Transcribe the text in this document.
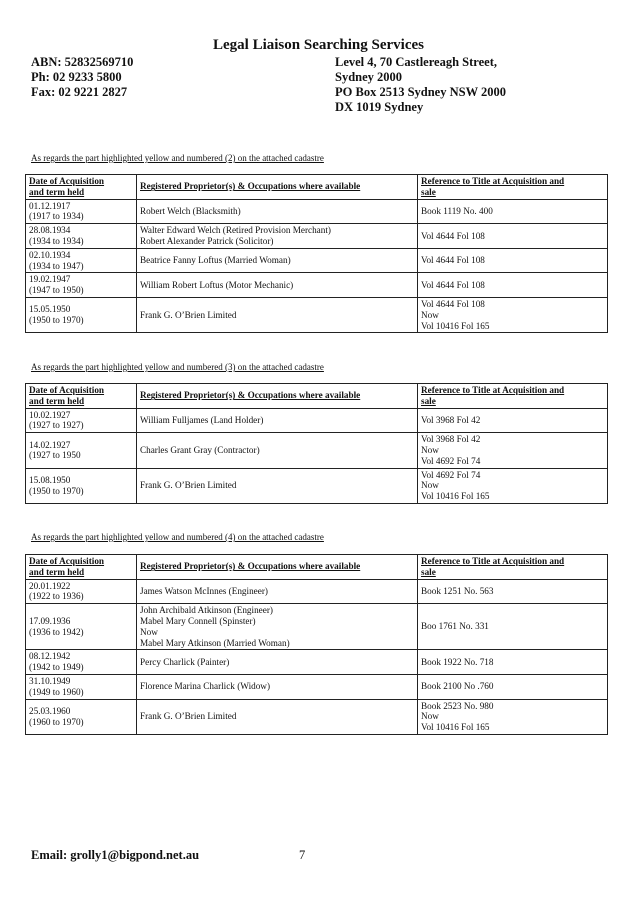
Legal Liaison Searching Services
ABN: 52832569710
Ph: 02 9233 5800
Fax: 02 9221 2827
Level 4, 70 Castlereagh Street,
Sydney 2000
PO Box 2513 Sydney NSW 2000
DX 1019 Sydney
As regards the part highlighted yellow and numbered (2) on the attached cadastre
Date of Acquisition
and term held	Registered Proprietor(s) & Occupations where available	Reference to Title at Acquisition and
sale

01.12.1917
(1917 to 1934)	Robert Welch (Blacksmith)	Book 1119 No. 400

28.08.1934
(1934 to 1934)	Walter Edward Welch (Retired Provision Merchant)
Robert Alexander Patrick (Solicitor)	Vol 4644 Fol 108

02.10.1934
(1934 to 1947)	Beatrice Fanny Loftus (Married Woman)	Vol 4644 Fol 108

19.02.1947
(1947 to 1950)	William Robert Loftus (Motor Mechanic)	Vol 4644 Fol 108

15.05.1950
(1950 to 1970)	Frank G. O’Brien Limited	Vol 4644 Fol 108
Now
Vol 10416 Fol 165
As regards the part highlighted yellow and numbered (3) on the attached cadastre
Date of Acquisition
and term held	Registered Proprietor(s) & Occupations where available	Reference to Title at Acquisition and
sale

10.02.1927
(1927 to 1927)	William Fulljames (Land Holder)	Vol 3968 Fol 42

14.02.1927
(1927 to 1950	Charles Grant Gray (Contractor)	Vol 3968 Fol 42
Now
Vol 4692 Fol 74

15.08.1950
(1950 to 1970)	Frank G. O’Brien Limited	Vol 4692 Fol 74
Now
Vol 10416 Fol 165
As regards the part highlighted yellow and numbered (4) on the attached cadastre
Date of Acquisition
and term held	Registered Proprietor(s) & Occupations where available	Reference to Title at Acquisition and
sale

20.01.1922
(1922 to 1936)	James Watson McInnes (Engineer)	Book 1251 No. 563

17.09.1936
(1936 to 1942)	John Archibald Atkinson (Engineer)
Mabel Mary Connell (Spinster)
Now
Mabel Mary Atkinson (Married Woman)	Boo 1761 No. 331

08.12.1942
(1942 to 1949)	Percy Charlick (Painter)	Book 1922 No. 718

31.10.1949
(1949 to 1960)	Florence Marina Charlick (Widow)	Book 2100 No .760

25.03.1960
(1960 to 1970)	Frank G. O’Brien Limited	Book 2523 No. 980
Now
Vol 10416 Fol 165
Email: grolly1@bigpond.net.au	7
